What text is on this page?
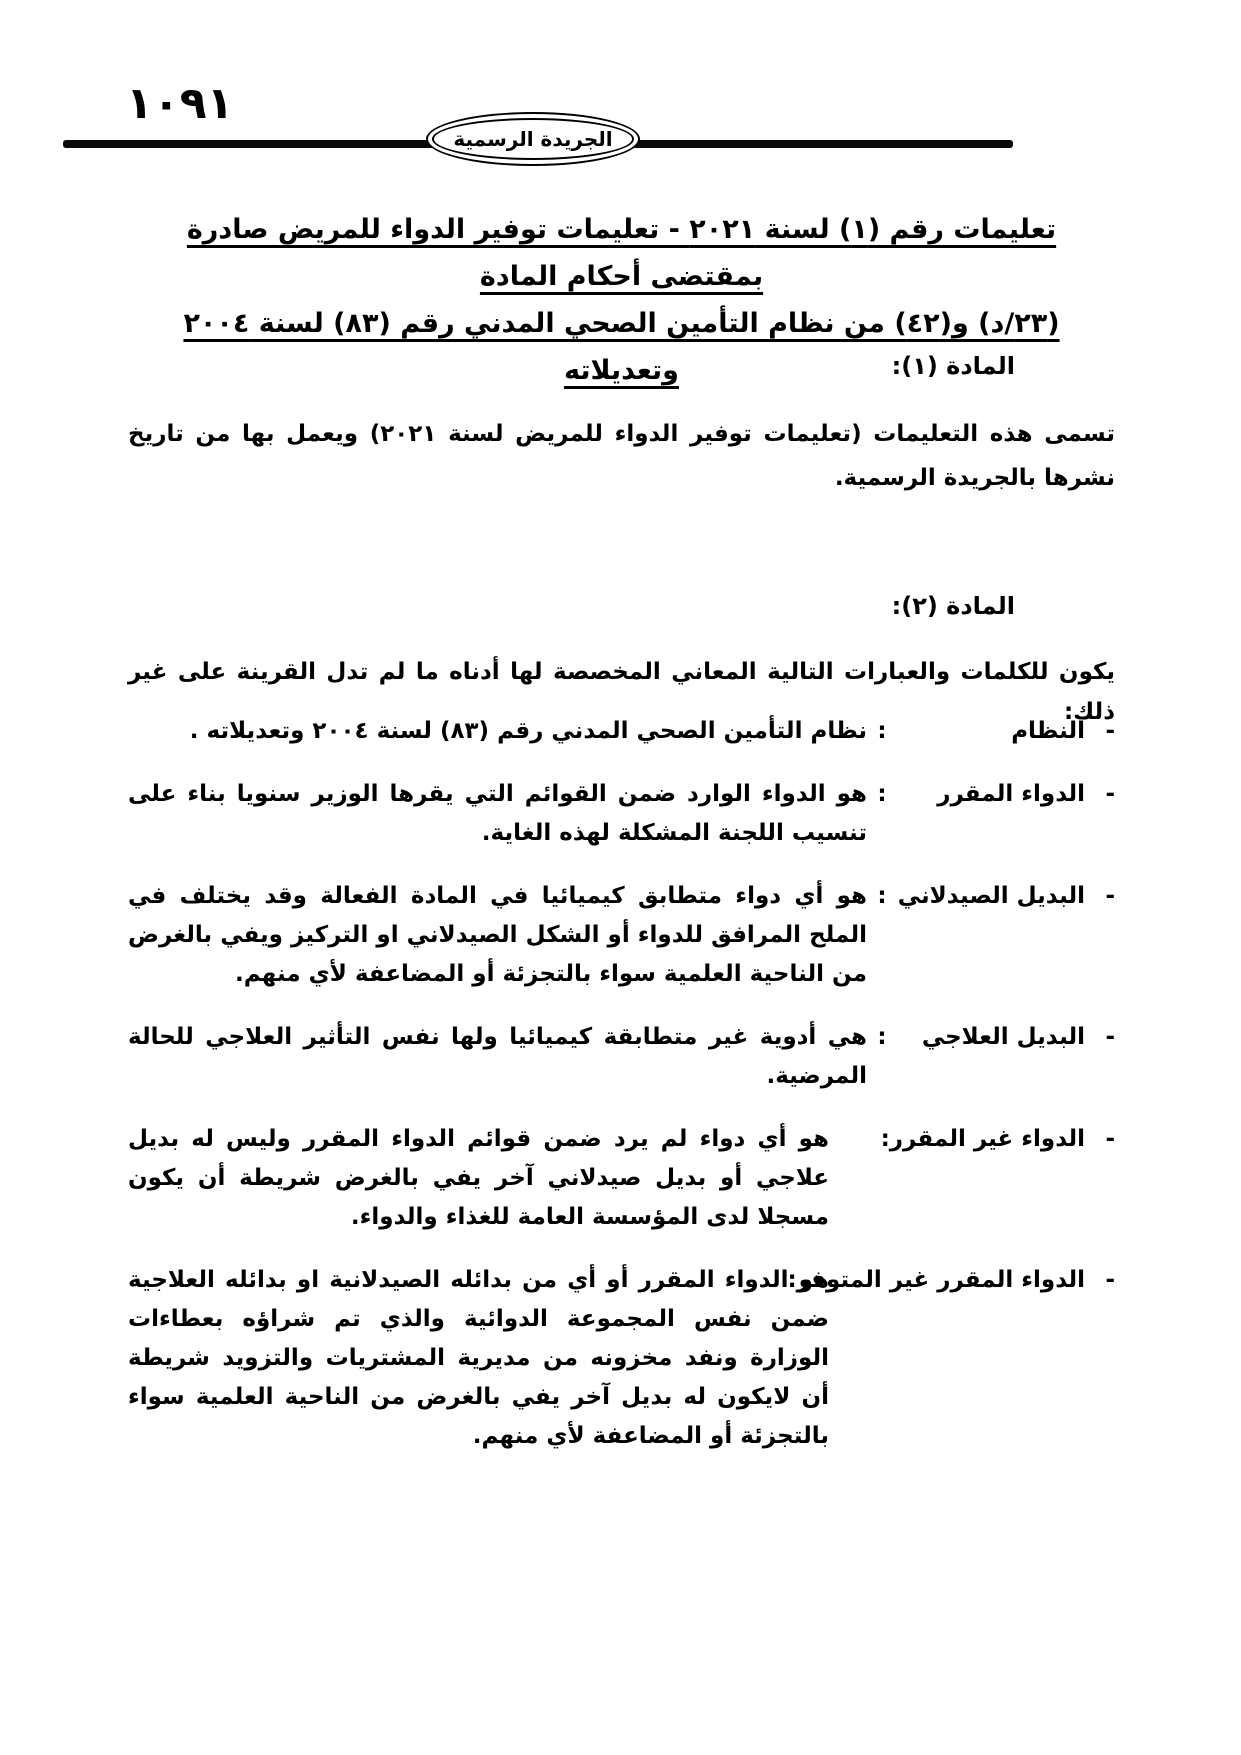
١٠٩١
الجريدة الرسمية
تعليمات رقم (١) لسنة ٢٠٢١ - تعليمات توفير الدواء للمريض صادرة بمقتضى أحكام المادة
(٢٣/د) و(٤٢) من نظام التأمين الصحي المدني رقم (٨٣) لسنة ٢٠٠٤ وتعديلاته	المادة (١):
تسمى هذه التعليمات (تعليمات توفير الدواء للمريض لسنة ٢٠٢١) ويعمل بها من تاريخ نشرها بالجريدة الرسمية.
المادة (٢):
يكون للكلمات والعبارات التالية المعاني المخصصة لها أدناه ما لم تدل القرينة على غير ذلك:
-
النظام
:
نظام التأمين الصحي المدني رقم (٨٣) لسنة ٢٠٠٤ وتعديلاته .
-
الدواء المقرر
:
هو الدواء الوارد ضمن القوائم التي يقرها الوزير سنويا بناء على تنسيب اللجنة المشكلة لهذه الغاية.
-
البديل الصيدلاني
:
هو أي دواء متطابق كيميائيا في المادة الفعالة وقد يختلف في الملح المرافق للدواء أو الشكل الصيدلاني او التركيز ويفي بالغرض من الناحية العلمية سواء بالتجزئة أو المضاعفة لأي منهم.
-
البديل العلاجي
:
هي أدوية غير متطابقة كيميائيا ولها نفس التأثير العلاجي للحالة المرضية.
-
الدواء غير المقرر:
هو أي دواء لم يرد ضمن قوائم الدواء المقرر وليس له بديل علاجي أو بديل صيدلاني آخر يفي بالغرض شريطة أن يكون مسجلا لدى المؤسسة العامة للغذاء والدواء.
-
الدواء المقرر غير المتوفر:
هو الدواء المقرر أو أي من بدائله الصيدلانية او بدائله العلاجية ضمن نفس المجموعة الدوائية والذي تم شراؤه بعطاءات الوزارة ونفد مخزونه من مديرية المشتريات والتزويد شريطة أن لايكون له بديل آخر يفي بالغرض من الناحية العلمية سواء بالتجزئة أو المضاعفة لأي منهم.
